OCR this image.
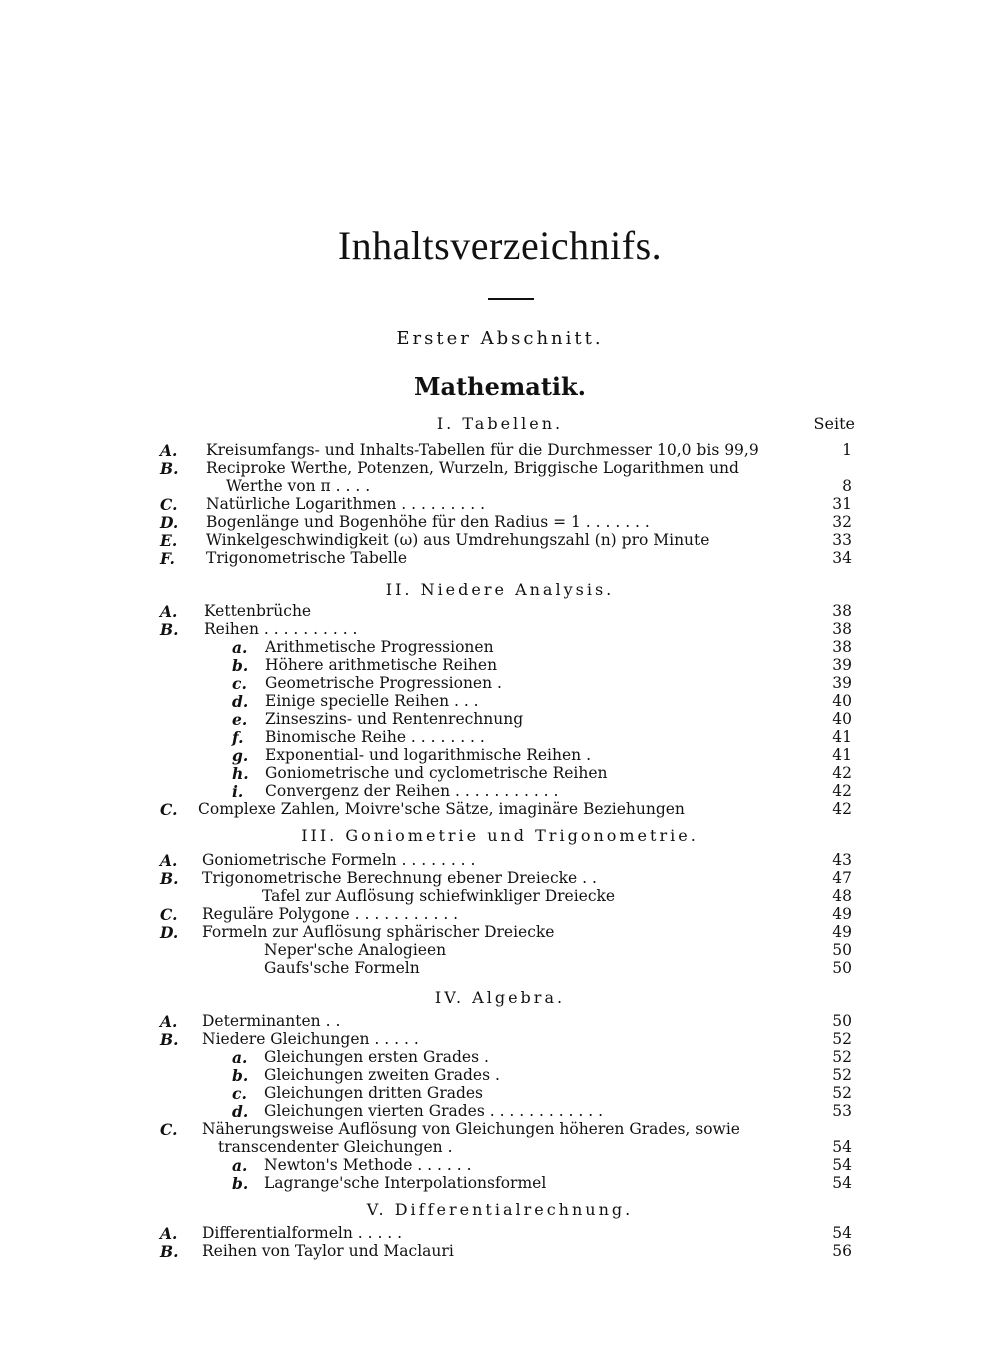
Inhaltsverzeichnifs.
Erster Abschnitt.
Mathematik.
Seite
I. Tabellen.
II. Niedere Analysis.
III. Goniometrie und Trigonometrie.
IV. Algebra.
V. Differentialrechnung.
A. Kreisumfangs- und Inhalts-Tabellen für die Durchmesser 10,0 bis 99,9	1
B. Reciproke Werthe, Potenzen, Wurzeln, Briggische Logarithmen und
Werthe von π . . . .	8
C. Natürliche Logarithmen . . . . . . . . .	31
D. Bogenlänge und Bogenhöhe für den Radius = 1 . . . . . . .	32
E. Winkelgeschwindigkeit (ω) aus Umdrehungszahl (n) pro Minute	33
F. Trigonometrische Tabelle	34
A. Kettenbrüche	38
B. Reihen . . . . . . . . . .	38
a. Arithmetische Progressionen	38
b. Höhere arithmetische Reihen	39
c. Geometrische Progressionen .	39
d. Einige specielle Reihen . . .	40
e. Zinseszins- und Rentenrechnung	40
f. Binomische Reihe . . . . . . . .	41
g. Exponential- und logarithmische Reihen .	41
h. Goniometrische und cyclometrische Reihen	42
i. Convergenz der Reihen . . . . . . . . . . .	42
C. Complexe Zahlen, Moivre'sche Sätze, imaginäre Beziehungen	42
A. Goniometrische Formeln . . . . . . . .	43
B. Trigonometrische Berechnung ebener Dreiecke . .	47
Tafel zur Auflösung schiefwinkliger Dreiecke	48
C. Reguläre Polygone . . . . . . . . . . .	49
D. Formeln zur Auflösung sphärischer Dreiecke	49
Neper'sche Analogieen	50
Gaufs'sche Formeln	50
A. Determinanten . .	50
B. Niedere Gleichungen . . . . .	52
a. Gleichungen ersten Grades .	52
b. Gleichungen zweiten Grades .	52
c. Gleichungen dritten Grades	52
d. Gleichungen vierten Grades . . . . . . . . . . . .	53
C. Näherungsweise Auflösung von Gleichungen höheren Grades, sowie
transcendenter Gleichungen .	54
a. Newton's Methode . . . . . .	54
b. Lagrange'sche Interpolationsformel	54
A. Differentialformeln . . . . .	54
B. Reihen von Taylor und Maclauri	56
